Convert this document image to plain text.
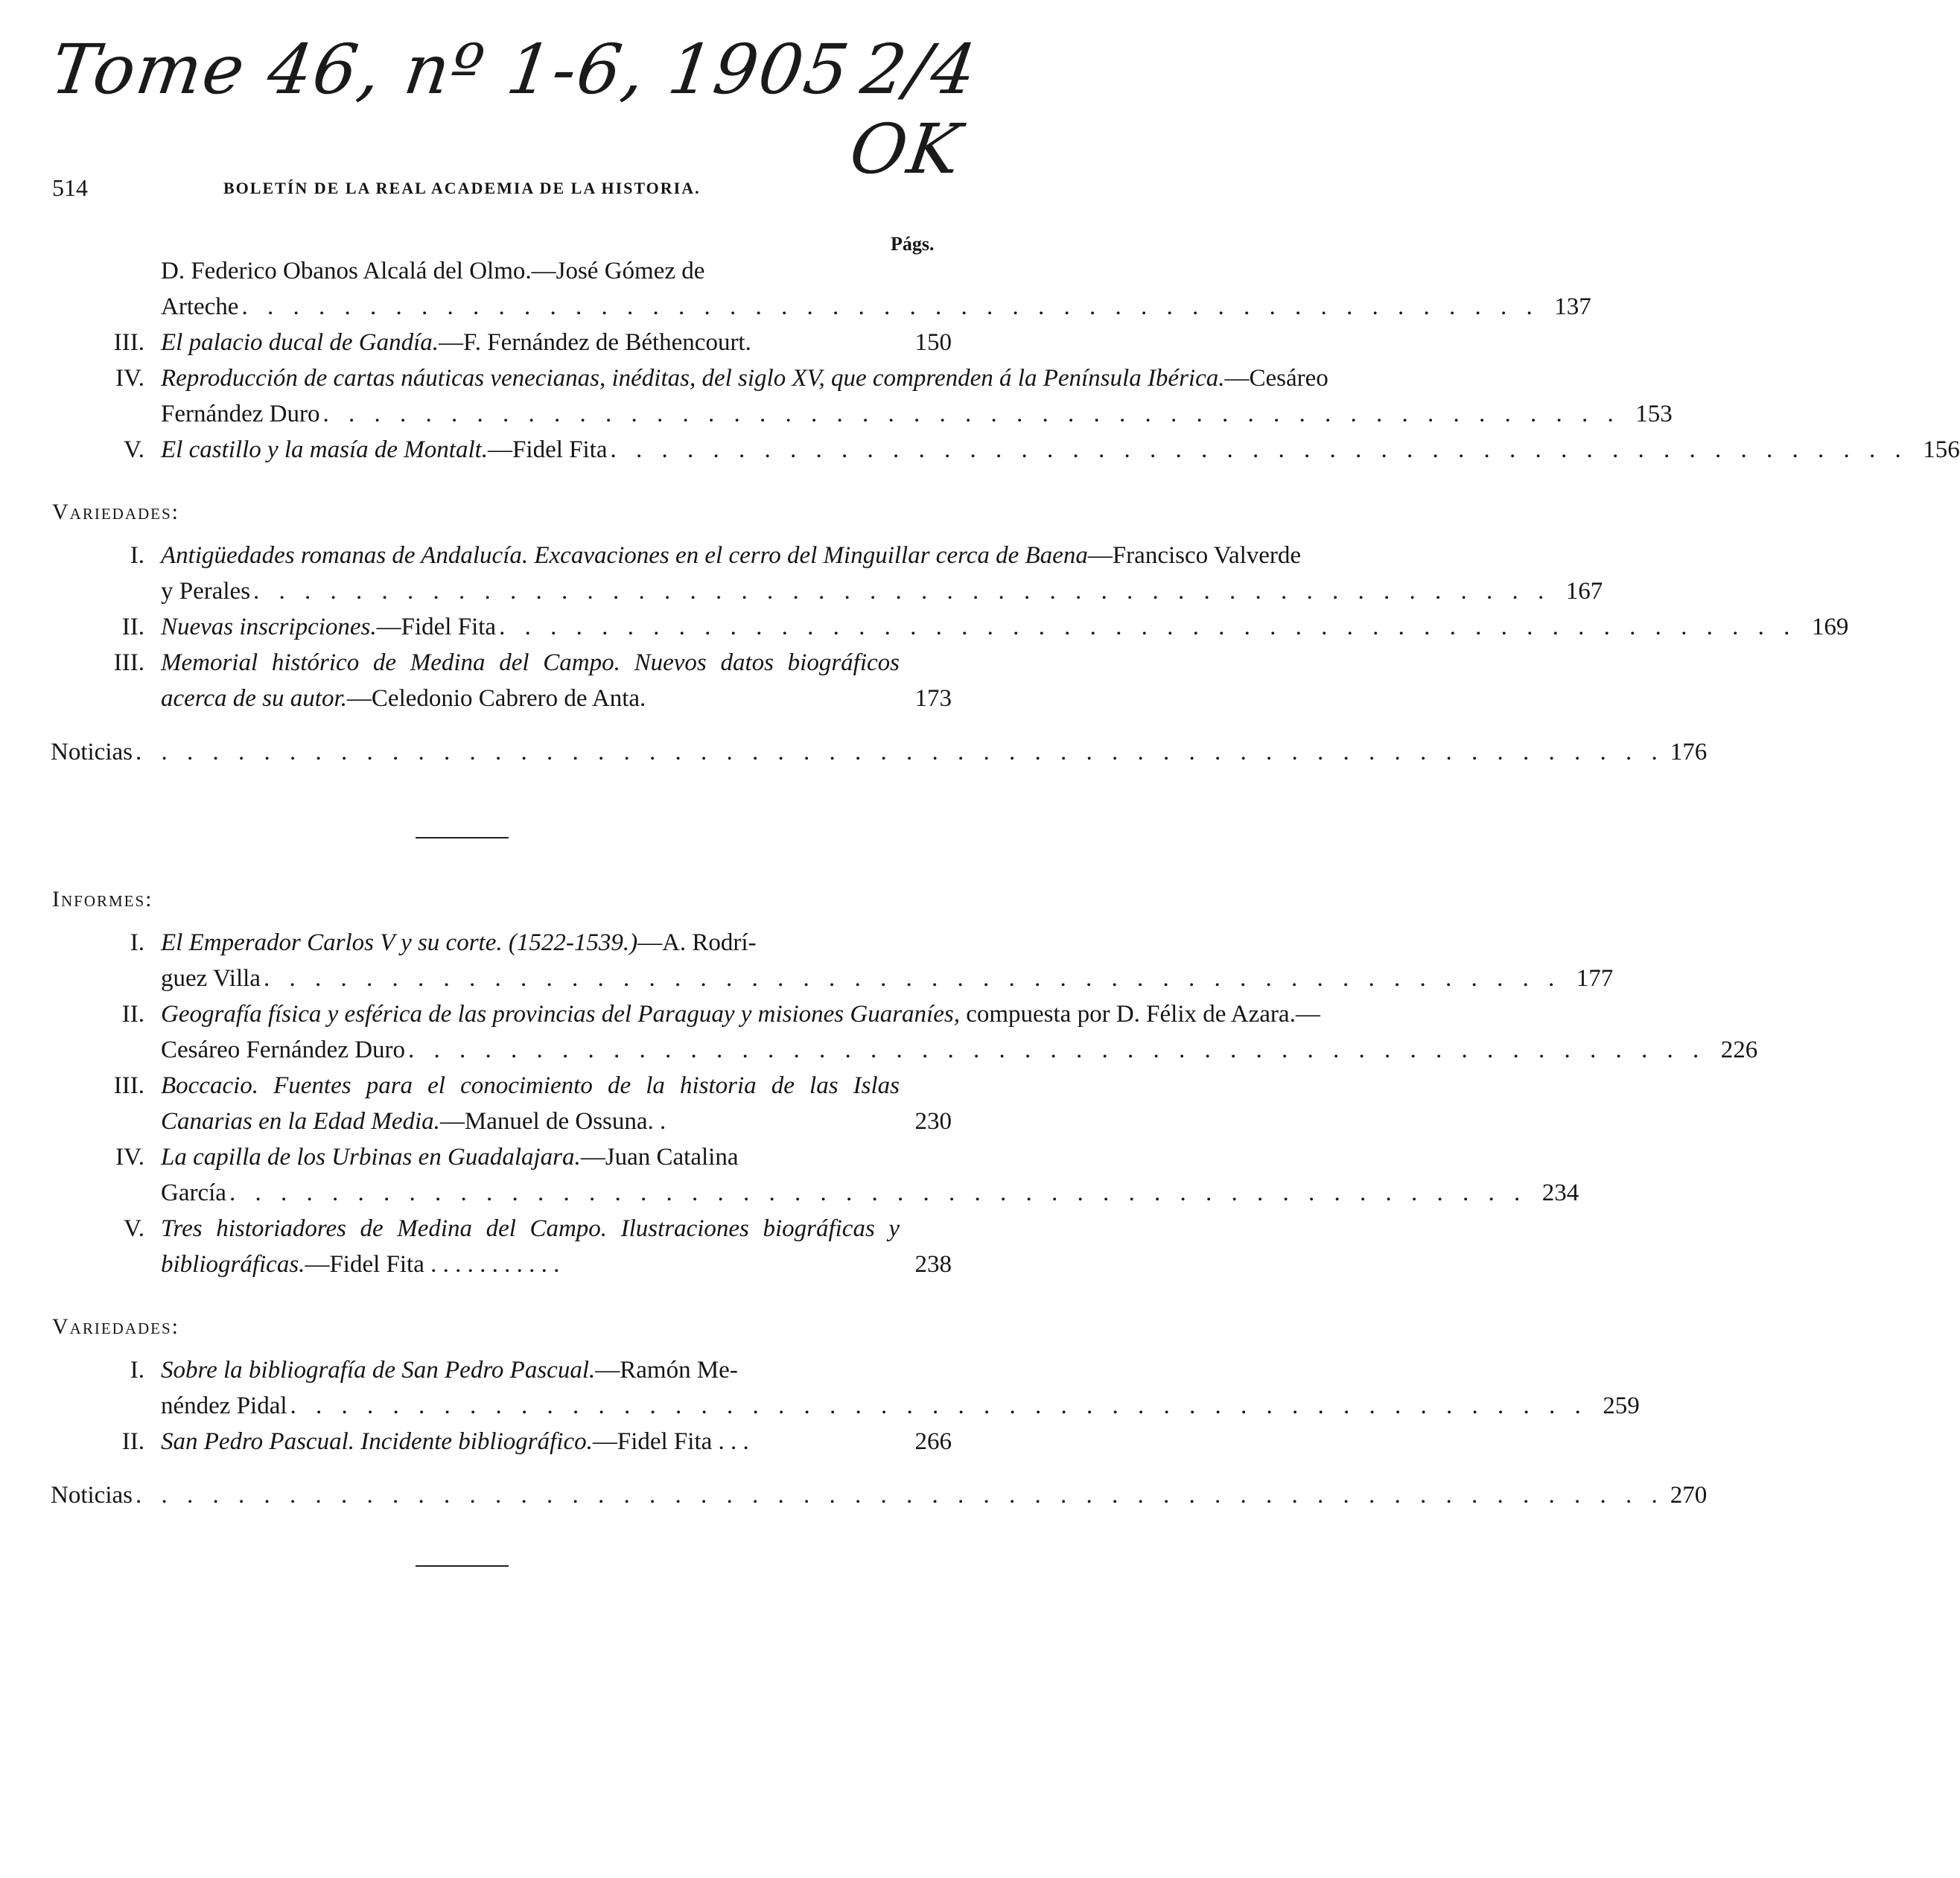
Tome 46, nº 1-6, 1905 2/4 OK
514	BOLETÍN DE LA REAL ACADEMIA DE LA HISTORIA.
Págs.
D. Federico Obanos Alcalá del Olmo.—José Gómez de
Arteche . . . . . . . . . . . . . . . . . . . . . . . . . . . . . . . . . . . . . . . . . . . . . . . . . . . 137
III. El palacio ducal de Gandía.—F. Fernández de Béthencourt.	150
IV. Reproducción de cartas náuticas venecianas, inéditas, del siglo XV, que comprenden á la Península Ibérica.—Cesáreo
Fernández Duro . . . . . . . . . . . . . . . . . . . . . . . . . . . . . . . . . . . . . . . . . . . . . . . . . . . 153
V. El castillo y la masía de Montalt.—Fidel Fita . . . . . . . . . . . . . . . . . . . . . . . . . . . . . . . . . . . . . . . . . . . . . . . . . . . 156
Variedades:
I. Antigüedades romanas de Andalucía. Excavaciones en el cerro del Minguillar cerca de Baena—Francisco Valverde
y Perales . . . . . . . . . . . . . . . . . . . . . . . . . . . . . . . . . . . . . . . . . . . . . . . . . . . 167
II. Nuevas inscripciones.—Fidel Fita . . . . . . . . . . . . . . . . . . . . . . . . . . . . . . . . . . . . . . . . . . . . . . . . . . . 169
III. Memorial histórico de Medina del Campo. Nuevos datos biográficos acerca de su autor.—Celedonio Cabrero de Anta.	173
Noticias . . . . . . . . . . . . . . . . . . . . . . . . . . . . . . . . . . . . . . . . . . . . . . . . . . . . . . . . . . . . 176
Informes:
I. El Emperador Carlos V y su corte. (1522-1539.)—A. Rodrí-
guez Villa . . . . . . . . . . . . . . . . . . . . . . . . . . . . . . . . . . . . . . . . . . . . . . . . . . . 177
II. Geografía física y esférica de las provincias del Paraguay y misiones Guaraníes, compuesta por D. Félix de Azara.—
Cesáreo Fernández Duro . . . . . . . . . . . . . . . . . . . . . . . . . . . . . . . . . . . . . . . . . . . . . . . . . . . 226
III. Boccacio. Fuentes para el conocimiento de la historia de las Islas Canarias en la Edad Media.—Manuel de Ossuna. .	230
IV. La capilla de los Urbinas en Guadalajara.—Juan Catalina
García . . . . . . . . . . . . . . . . . . . . . . . . . . . . . . . . . . . . . . . . . . . . . . . . . . . 234
V. Tres historiadores de Medina del Campo. Ilustraciones biográficas y bibliográficas.—Fidel Fita . . . . . . . . . . .	238
Variedades:
I. Sobre la bibliografía de San Pedro Pascual.—Ramón Me-
néndez Pidal . . . . . . . . . . . . . . . . . . . . . . . . . . . . . . . . . . . . . . . . . . . . . . . . . . . 259
II. San Pedro Pascual. Incidente bibliográfico.—Fidel Fita . . .	266
Noticias . . . . . . . . . . . . . . . . . . . . . . . . . . . . . . . . . . . . . . . . . . . . . . . . . . . . . . . . . . . . 270
